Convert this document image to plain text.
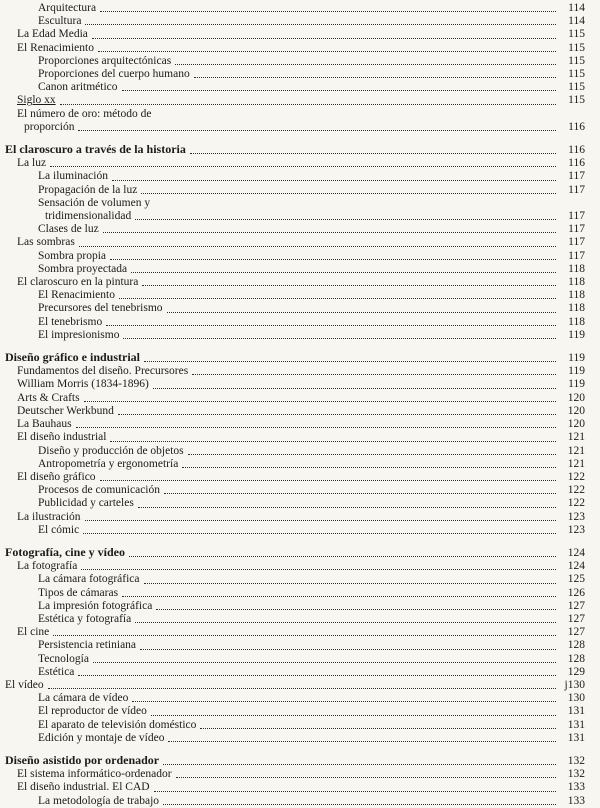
Arquitectura	114
Escultura	114
La Edad Media	115
El Renacimiento	115
Proporciones arquitectónicas	115
Proporciones del cuerpo humano	115
Canon aritmético	115
Siglo xx	115
El número de oro: método de
proporción	116
El claroscuro a través de la historia	116
La luz	116
La iluminación	117
Propagación de la luz	117
Sensación de volumen y
tridimensionalidad	117
Clases de luz	117
Las sombras	117
Sombra propia	117
Sombra proyectada	118
El claroscuro en la pintura	118
El Renacimiento	118
Precursores del tenebrismo	118
El tenebrismo	118
El impresionismo	119
Diseño gráfico e industrial	119
Fundamentos del diseño. Precursores	119
William Morris (1834-1896)	119
Arts & Crafts	120
Deutscher Werkbund	120
La Bauhaus	120
El diseño industrial	121
Diseño y producción de objetos	121
Antropometría y ergonometría	121
El diseño gráfico	122
Procesos de comunicación	122
Publicidad y carteles	122
La ilustración	123
El cómic	123
Fotografía, cine y vídeo	124
La fotografía	124
La cámara fotográfica	125
Tipos de cámaras	126
La impresión fotográfica	127
Estética y fotografía	127
El cine	127
Persistencia retiniana	128
Tecnología	128
Estética	129
El vídeo	j130
La cámara de vídeo	130
El reproductor de vídeo	131
El aparato de televisión doméstico	131
Edición y montaje de vídeo	131
Diseño asistido por ordenador	132
El sistema informático-ordenador	132
El diseño industrial. El CAD	133
La metodología de trabajo	133
